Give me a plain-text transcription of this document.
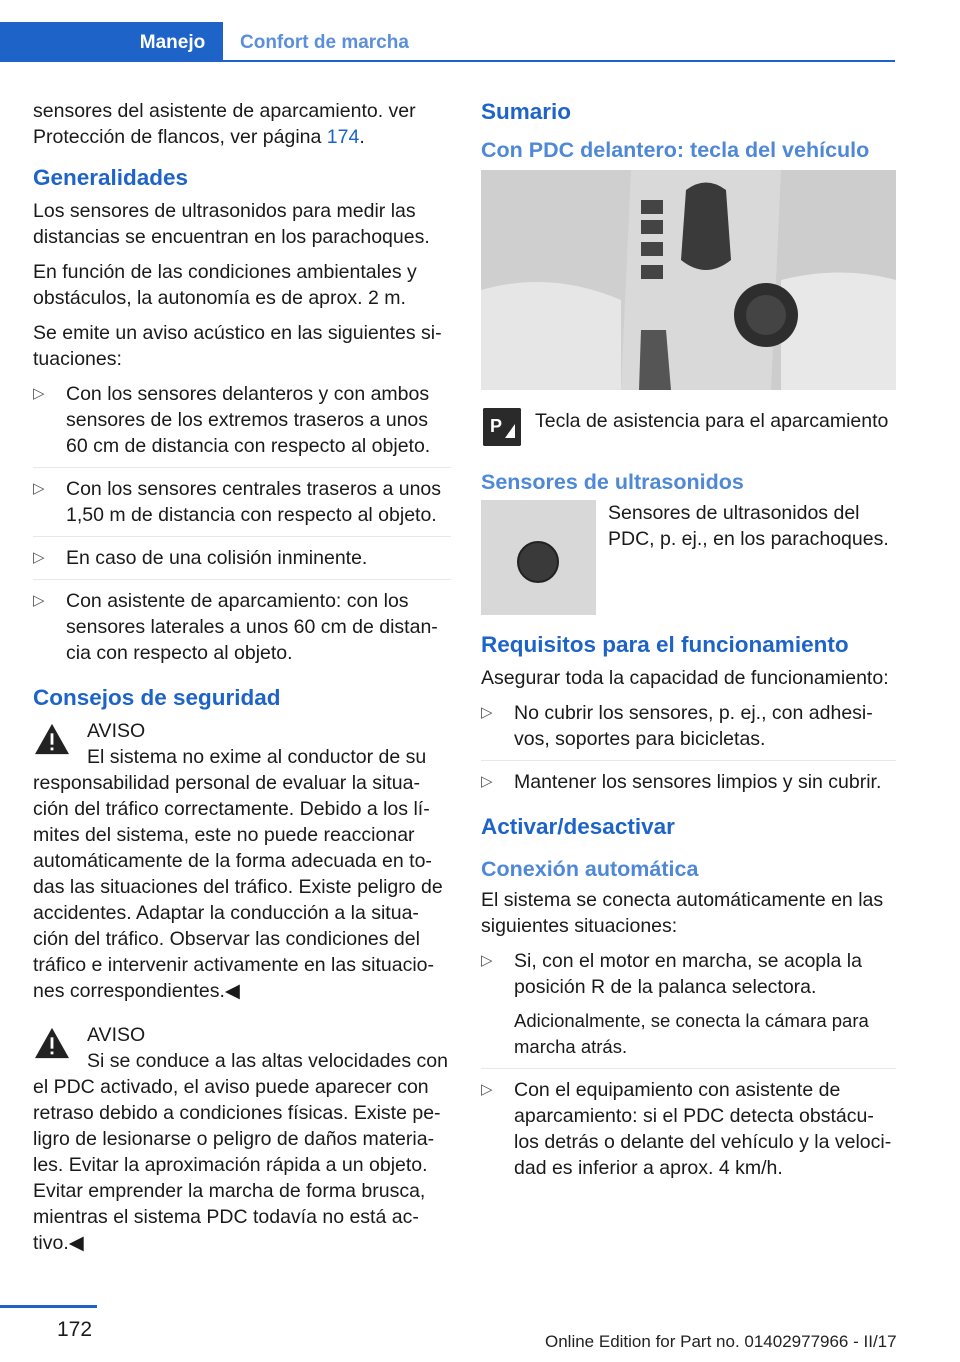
Manejo	Confort de marcha

sensores del asistente de aparcamiento. ver Protección de flancos, ver página 174.

Generalidades

Los sensores de ultrasonidos para medir las distancias se encuentran en los parachoques.

En función de las condiciones ambientales y obstáculos, la autonomía es de aprox. 2 m.

Se emite un aviso acústico en las siguientes si‐tuaciones:

▷ Con los sensores delanteros y con ambos sensores de los extremos traseros a unos 60 cm de distancia con respecto al objeto.
▷ Con los sensores centrales traseros a unos 1,50 m de distancia con respecto al objeto.
▷ En caso de una colisión inminente.
▷ Con asistente de aparcamiento: con los sensores laterales a unos 60 cm de distan‐cia con respecto al objeto.
Consejos de seguridad

AVISO

El sistema no exime al conductor de su responsabilidad personal de evaluar la situa‐ción del tráfico correctamente. Debido a los lí‐mites del sistema, este no puede reaccionar automáticamente de la forma adecuada en to‐das las situaciones del tráfico. Existe peligro de accidentes. Adaptar la conducción a la situa‐ción del tráfico. Observar las condiciones del tráfico e intervenir activamente en las situacio‐nes correspondientes.◀

AVISO

Si se conduce a las altas velocidades con el PDC activado, el aviso puede aparecer con retraso debido a condiciones físicas. Existe pe‐ligro de lesionarse o peligro de daños materia‐les. Evitar la aproximación rápida a un objeto. Evitar emprender la marcha de forma brusca, mientras el sistema PDC todavía no está ac‐tivo.◀

Sumario
Con PDC delantero: tecla del vehículo
P Tecla de asistencia para el aparcamiento
Sensores de ultrasonidos
Sensores de ultrasonidos del PDC, p. ej., en los parachoques.
Requisitos para el funcionamiento

Asegurar toda la capacidad de funcionamiento:

▷ No cubrir los sensores, p. ej., con adhesi‐vos, soportes para bicicletas.
▷ Mantener los sensores limpios y sin cubrir.
Activar/desactivar
Conexión automática

El sistema se conecta automáticamente en las siguientes situaciones:

▷ Si, con el motor en marcha, se acopla la posición R de la palanca selectora.

Adicionalmente, se conecta la cámara para marcha atrás.

▷ Con el equipamiento con asistente de aparcamiento: si el PDC detecta obstácu‐los detrás o delante del vehículo y la veloci‐dad es inferior a aprox. 4 km/h.
172
Online Edition for Part no. 01402977966 - II/17
